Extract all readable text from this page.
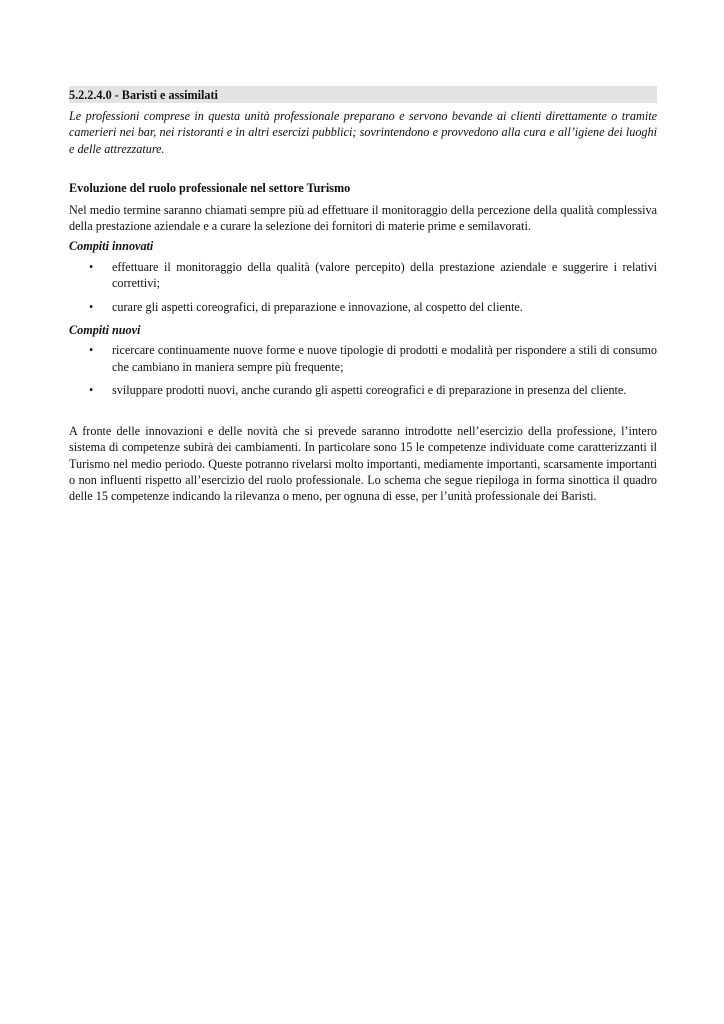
5.2.2.4.0 - Baristi e assimilati
Le professioni comprese in questa unità professionale preparano e servono bevande ai clienti direttamente o tramite camerieri nei bar, nei ristoranti e in altri esercizi pubblici; sovrintendono e provvedono alla cura e all’igiene dei luoghi e delle attrezzature.
Evoluzione del ruolo professionale nel settore Turismo
Nel medio termine saranno chiamati sempre più ad effettuare il monitoraggio della percezione della qualità complessiva della prestazione aziendale e a curare la selezione dei fornitori di materie prime e semilavorati.
Compiti innovati
• effettuare il monitoraggio della qualità (valore percepito) della prestazione aziendale e suggerire i relativi correttivi;
• curare gli aspetti coreografici, di preparazione e innovazione, al cospetto del cliente.
Compiti nuovi
• ricercare continuamente nuove forme e nuove tipologie di prodotti e modalità per rispondere a stili di consumo che cambiano in maniera sempre più frequente;
• sviluppare prodotti nuovi, anche curando gli aspetti coreografici e di preparazione in presenza del cliente.
A fronte delle innovazioni e delle novità che si prevede saranno introdotte nell’esercizio della professione, l’intero sistema di competenze subirà dei cambiamenti. In particolare sono 15 le competenze individuate come caratterizzanti il Turismo nel medio periodo. Queste potranno rivelarsi molto importanti, mediamente importanti, scarsamente importanti o non influenti rispetto all’esercizio del ruolo professionale. Lo schema che segue riepiloga in forma sinottica il quadro delle 15 competenze indicando la rilevanza o meno, per ognuna di esse, per l’unità professionale dei Baristi.
